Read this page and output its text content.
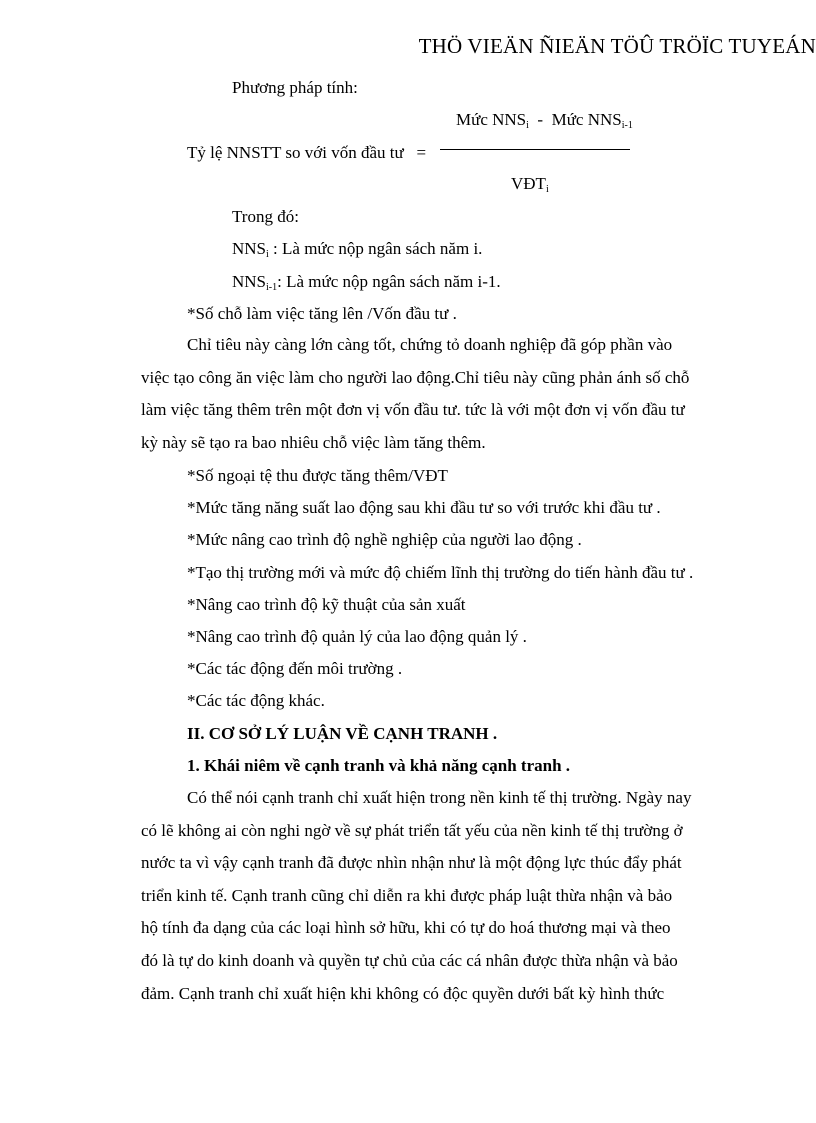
THÖ VIEÄN ÑIEÄN TÖÛ TRÖÏC TUYEÁN
Phương pháp tính:
Mức $NNS_i$ - Mức $NNS_{i-1}$
Tỷ lệ NNSTT so với vốn đầu tư =
$VĐT_i$
Trong đó:
$NNS_i$ : Là mức nộp ngân sách năm i.
$NNS_{i-1}$: Là mức nộp ngân sách năm i-1.
*Số chỗ làm việc tăng lên /Vốn đầu tư .

Chỉ tiêu này càng lớn càng tốt, chứng tỏ doanh nghiệp đã góp phần vào

việc tạo công ăn việc làm cho người lao động.Chỉ tiêu này cũng phản ánh số chỗ

làm việc tăng thêm trên một đơn vị vốn đầu tư. tức là với một đơn vị vốn đầu tư

kỳ này sẽ tạo ra bao nhiêu chỗ việc làm tăng thêm.

*Số ngoại tệ thu được tăng thêm/VĐT
*Mức tăng năng suất lao động sau khi đầu tư so với trước khi đầu tư .
*Mức nâng cao trình độ nghề nghiệp của người lao động .
*Tạo thị trường mới và mức độ chiếm lĩnh thị trường do tiến hành đầu tư .
*Nâng cao trình độ kỹ thuật của sản xuất
*Nâng cao trình độ quản lý của lao động quản lý .
*Các tác động đến môi trường .
*Các tác động khác.
II. CƠ SỞ LÝ LUẬN VỀ CẠNH TRANH .
1. Khái niêm về cạnh tranh và khả năng cạnh tranh .

Có thể nói cạnh tranh chỉ xuất hiện trong nền kinh tế thị trường. Ngày nay

có lẽ không ai còn nghi ngờ về sự phát triển tất yếu của nền kinh tế thị trường ở

nước ta vì vậy cạnh tranh đã được nhìn nhận như là một động lực thúc đẩy phát

triển kinh tế. Cạnh tranh cũng chỉ diễn ra khi được pháp luật thừa nhận và bảo

hộ tính đa dạng của các loại hình sở hữu, khi có tự do hoá thương mại và theo

đó là tự do kinh doanh và quyền tự chủ của các cá nhân được thừa nhận và bảo

đảm. Cạnh tranh chỉ xuất hiện khi không có độc quyền dưới bất kỳ hình thức
